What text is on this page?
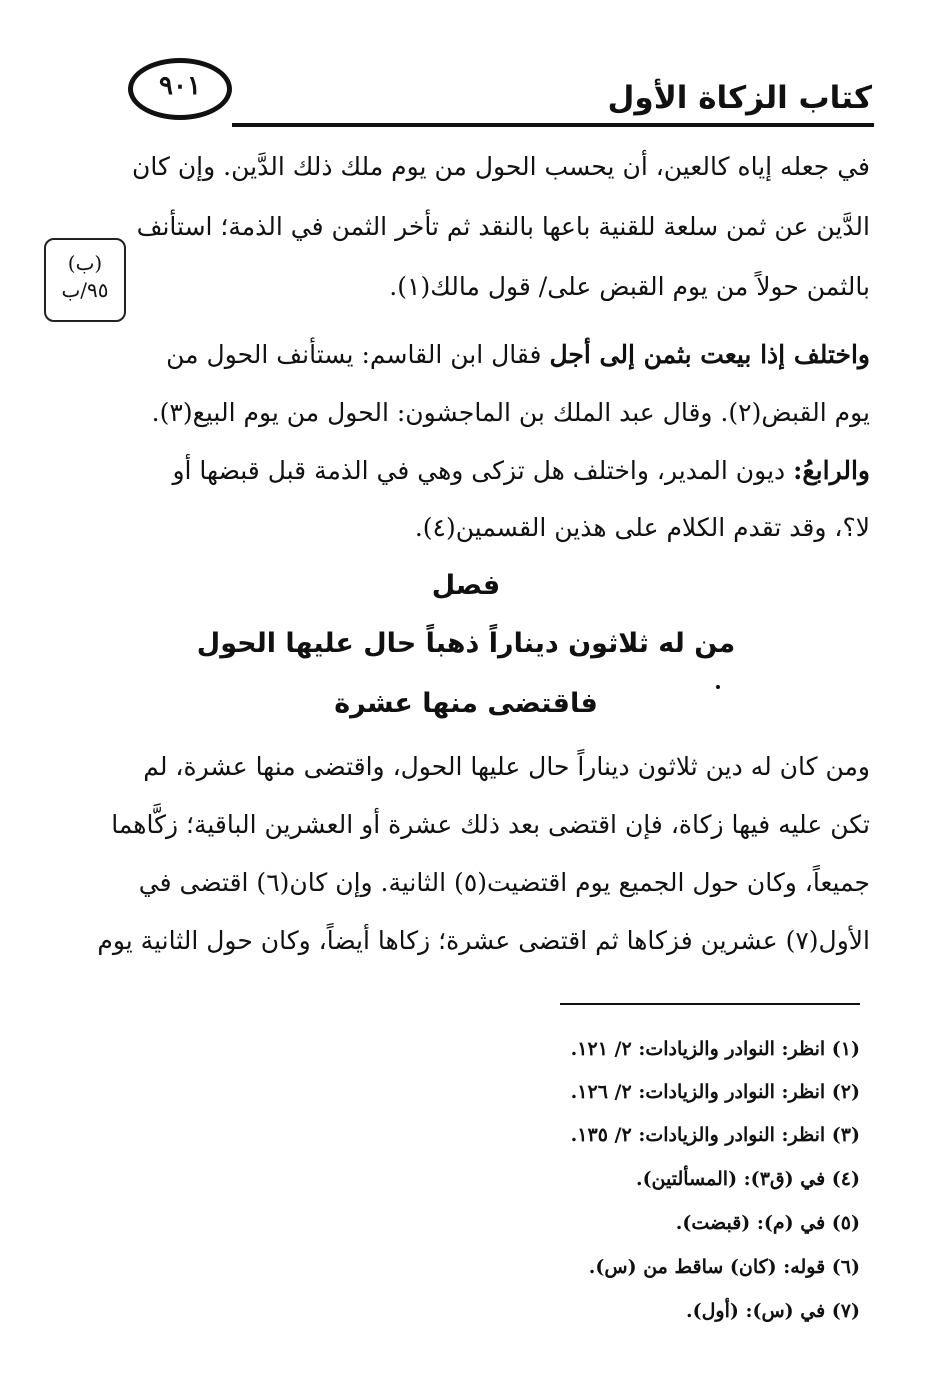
كتاب الزكاة الأول
٩٠١
(ب)
٩٥/ب
في جعله إياه كالعين، أن يحسب الحول من يوم ملك ذلك الدَّين. وإن كان
الدَّين عن ثمن سلعة للقنية باعها بالنقد ثم تأخر الثمن في الذمة؛ استأنف
بالثمن حولاً من يوم القبض على/ قول مالك(١).
واختلف إذا بيعت بثمن إلى أجل فقال ابن القاسم: يستأنف الحول من
يوم القبض(٢). وقال عبد الملك بن الماجشون: الحول من يوم البيع(٣).
والرابعُ: ديون المدير، واختلف هل تزكى وهي في الذمة قبل قبضها أو
لا؟، وقد تقدم الكلام على هذين القسمين(٤).
فصل
من له ثلاثون ديناراً ذهباً حال عليها الحول
فاقتضى منها عشرة
ومن كان له دين ثلاثون ديناراً حال عليها الحول، واقتضى منها عشرة، لم
تكن عليه فيها زكاة، فإن اقتضى بعد ذلك عشرة أو العشرين الباقية؛ زكَّاهما
جميعاً، وكان حول الجميع يوم اقتضيت(٥) الثانية. وإن كان(٦) اقتضى في
الأول(٧) عشرين فزكاها ثم اقتضى عشرة؛ زكاها أيضاً، وكان حول الثانية يوم
(١) انظر: النوادر والزيادات: ٢/ ١٢١.
(٢) انظر: النوادر والزيادات: ٢/ ١٢٦.
(٣) انظر: النوادر والزيادات: ٢/ ١٣٥.
(٤) في (ق٣): (المسألتين).
(٥) في (م): (قبضت).
(٦) قوله: (كان) ساقط من (س).
(٧) في (س): (أول).
